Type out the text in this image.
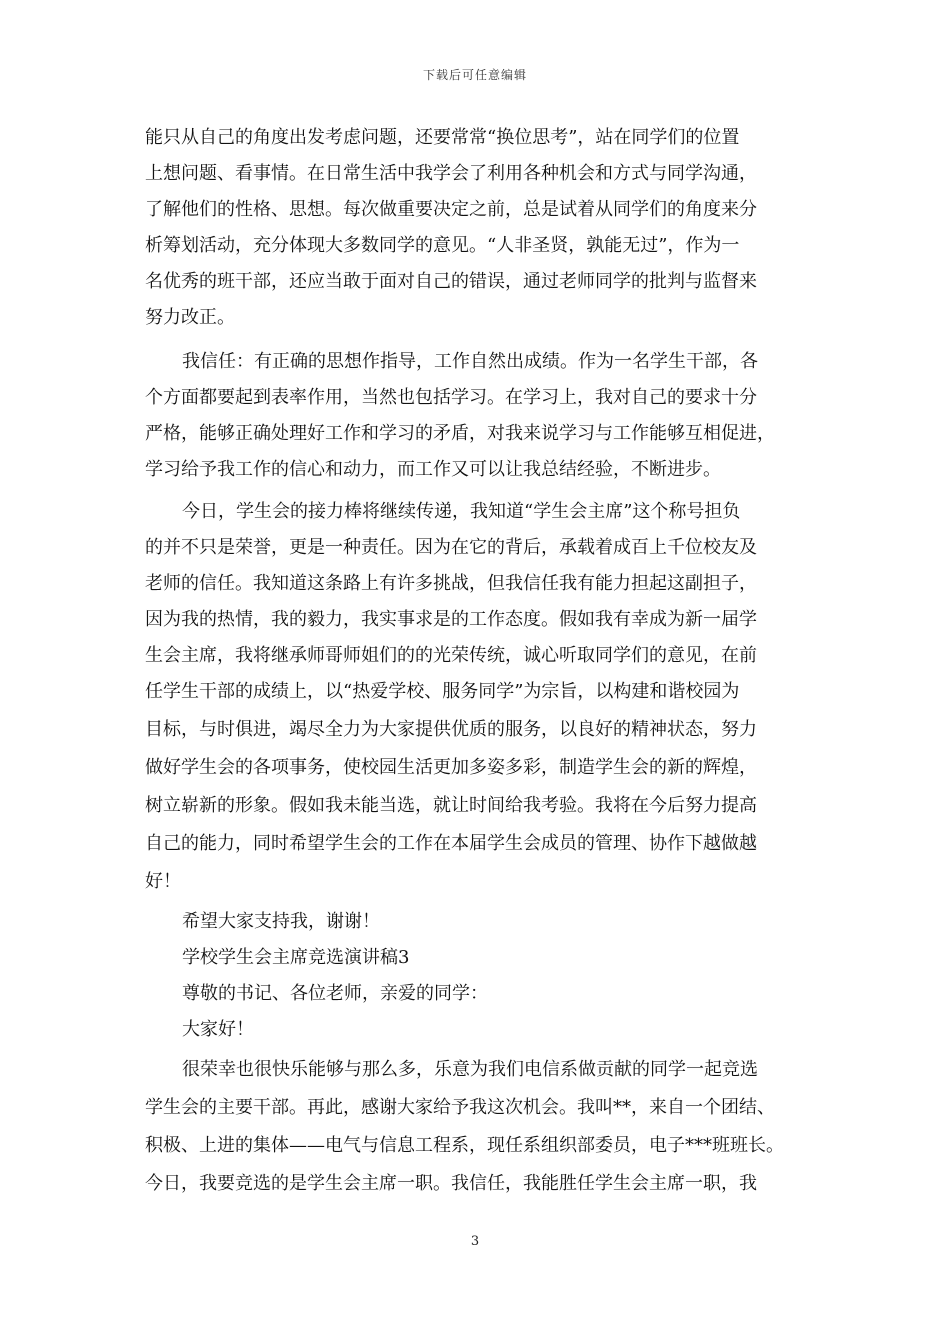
下载后可任意编辑
能只从自己的角度出发考虑问题，还要常常“换位思考”，站在同学们的位置
上想问题、看事情。在日常生活中我学会了利用各种机会和方式与同学沟通，
了解他们的性格、思想。每次做重要决定之前，总是试着从同学们的角度来分
析筹划活动，充分体现大多数同学的意见。“人非圣贤，孰能无过”，作为一
名优秀的班干部，还应当敢于面对自己的错误，通过老师同学的批判与监督来
努力改正。
我信任：有正确的思想作指导，工作自然出成绩。作为一名学生干部，各
个方面都要起到表率作用，当然也包括学习。在学习上，我对自己的要求十分
严格，能够正确处理好工作和学习的矛盾，对我来说学习与工作能够互相促进，
学习给予我工作的信心和动力，而工作又可以让我总结经验，不断进步。
今日，学生会的接力棒将继续传递，我知道“学生会主席”这个称号担负
的并不只是荣誉，更是一种责任。因为在它的背后，承载着成百上千位校友及
老师的信任。我知道这条路上有许多挑战，但我信任我有能力担起这副担子，
因为我的热情，我的毅力，我实事求是的工作态度。假如我有幸成为新一届学
生会主席，我将继承师哥师姐们的的光荣传统，诚心听取同学们的意见，在前
任学生干部的成绩上，以“热爱学校、服务同学”为宗旨，以构建和谐校园为
目标，与时俱进，竭尽全力为大家提供优质的服务，以良好的精神状态，努力
做好学生会的各项事务，使校园生活更加多姿多彩，制造学生会的新的辉煌，
树立崭新的形象。假如我未能当选，就让时间给我考验。我将在今后努力提高
自己的能力，同时希望学生会的工作在本届学生会成员的管理、协作下越做越
好！
希望大家支持我，谢谢！
学校学生会主席竞选演讲稿3
尊敬的书记、各位老师，亲爱的同学：
大家好！
很荣幸也很快乐能够与那么多，乐意为我们电信系做贡献的同学一起竞选
学生会的主要干部。再此，感谢大家给予我这次机会。我叫**，来自一个团结、
积极、上进的集体——电气与信息工程系，现任系组织部委员，电子***班班长。
今日，我要竞选的是学生会主席一职。我信任，我能胜任学生会主席一职，我
3
